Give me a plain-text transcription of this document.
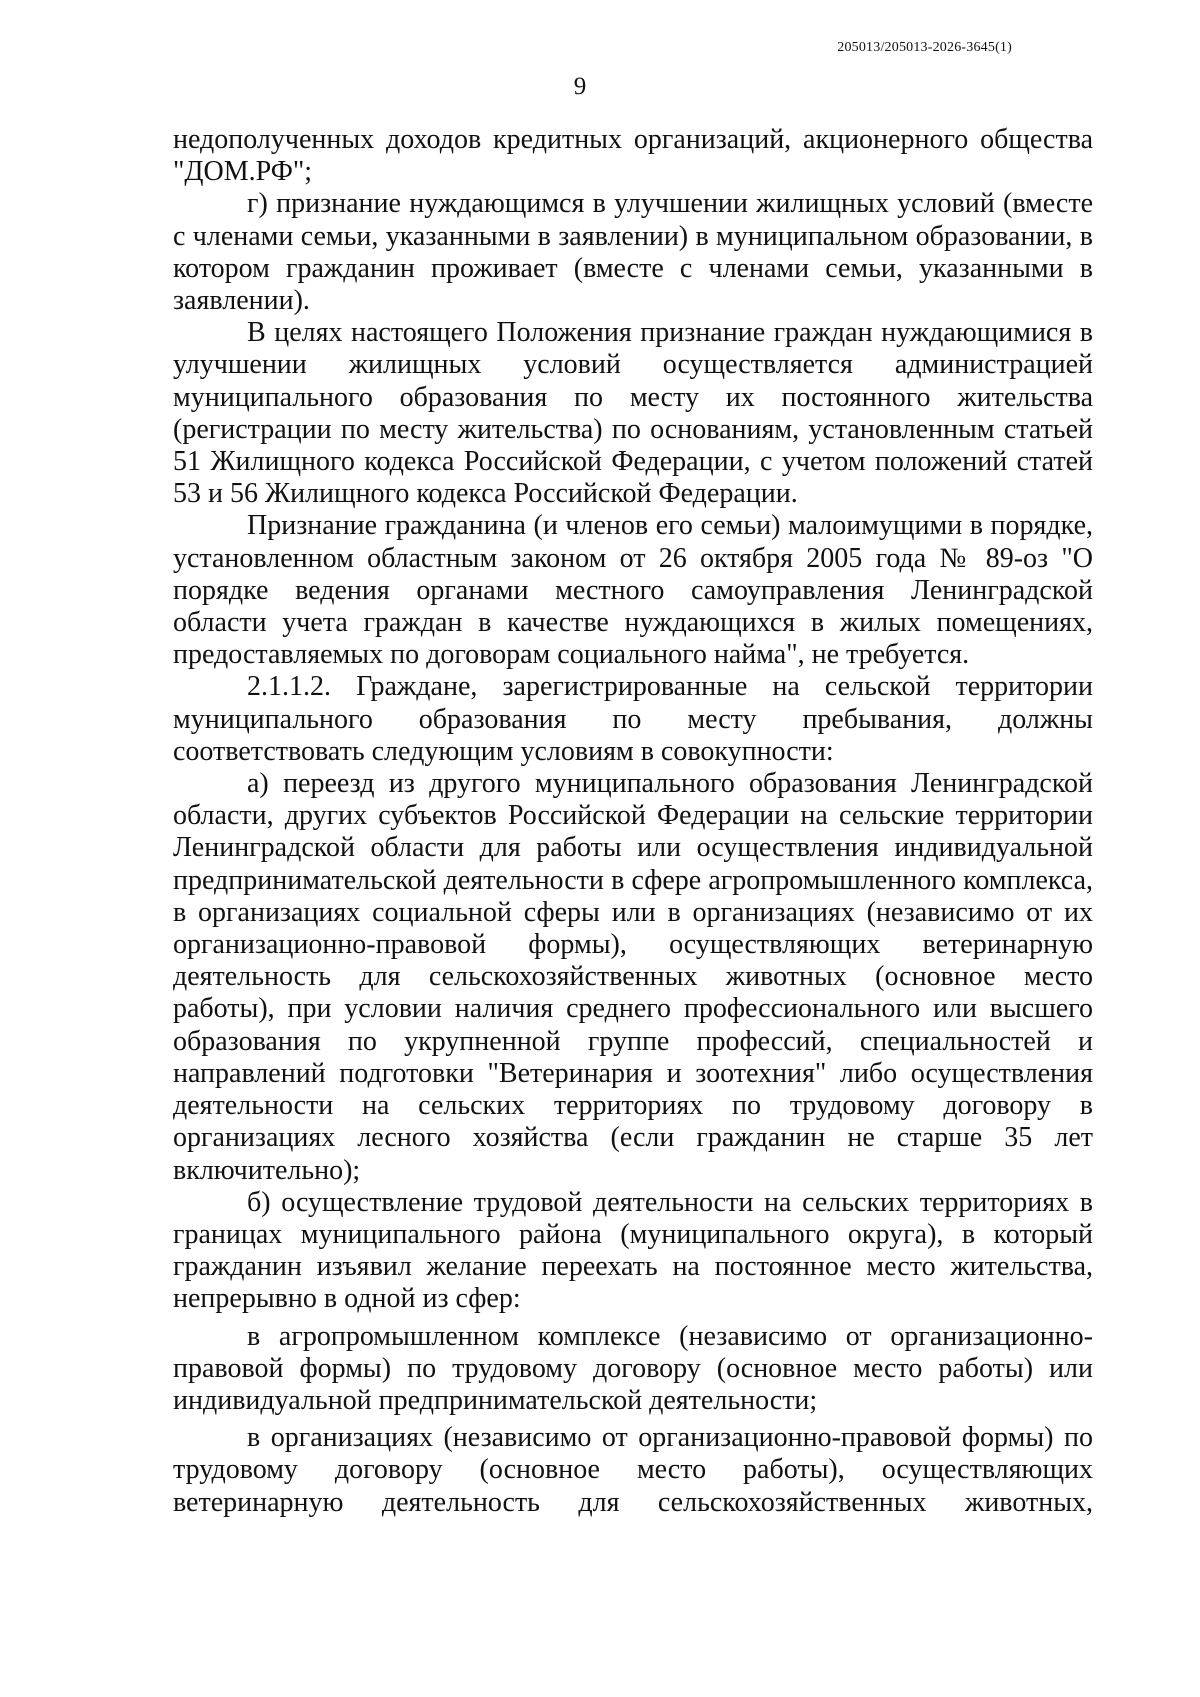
205013/205013-2026-3645(1)
9

недополученных доходов кредитных организаций, акционерного общества "ДОМ.РФ";

г) признание нуждающимся в улучшении жилищных условий (вместе с членами семьи, указанными в заявлении) в муниципальном образовании, в котором гражданин проживает (вместе с членами семьи, указанными в заявлении).

В целях настоящего Положения признание граждан нуждающимися в улучшении жилищных условий осуществляется администрацией муниципального образования по месту их постоянного жительства (регистрации по месту жительства) по основаниям, установленным статьей 51 Жилищного кодекса Российской Федерации, с учетом положений статей 53 и 56 Жилищного кодекса Российской Федерации.

Признание гражданина (и членов его семьи) малоимущими в порядке, установленном областным законом от 26 октября 2005 года № 89-оз "О порядке ведения органами местного самоуправления Ленинградской области учета граждан в качестве нуждающихся в жилых помещениях, предоставляемых по договорам социального найма", не требуется.

2.1.1.2. Граждане, зарегистрированные на сельской территории муниципального образования по месту пребывания, должны соответствовать следующим условиям в совокупности:

а) переезд из другого муниципального образования Ленинградской области, других субъектов Российской Федерации на сельские территории Ленинградской области для работы или осуществления индивидуальной предпринимательской деятельности в сфере агропромышленного комплекса, в организациях социальной сферы или в организациях (независимо от их организационно-правовой формы), осуществляющих ветеринарную деятельность для сельскохозяйственных животных (основное место работы), при условии наличия среднего профессионального или высшего образования по укрупненной группе профессий, специальностей и направлений подготовки "Ветеринария и зоотехния" либо осуществления деятельности на сельских территориях по трудовому договору в организациях лесного хозяйства (если гражданин не старше 35 лет включительно);

б) осуществление трудовой деятельности на сельских территориях в границах муниципального района (муниципального округа), в который гражданин изъявил желание переехать на постоянное место жительства, непрерывно в одной из сфер:

в агропромышленном комплексе (независимо от организационно-правовой формы) по трудовому договору (основное место работы) или индивидуальной предпринимательской деятельности;

в организациях (независимо от организационно-правовой формы) по трудовому договору (основное место работы), осуществляющих ветеринарную деятельность для сельскохозяйственных животных,
